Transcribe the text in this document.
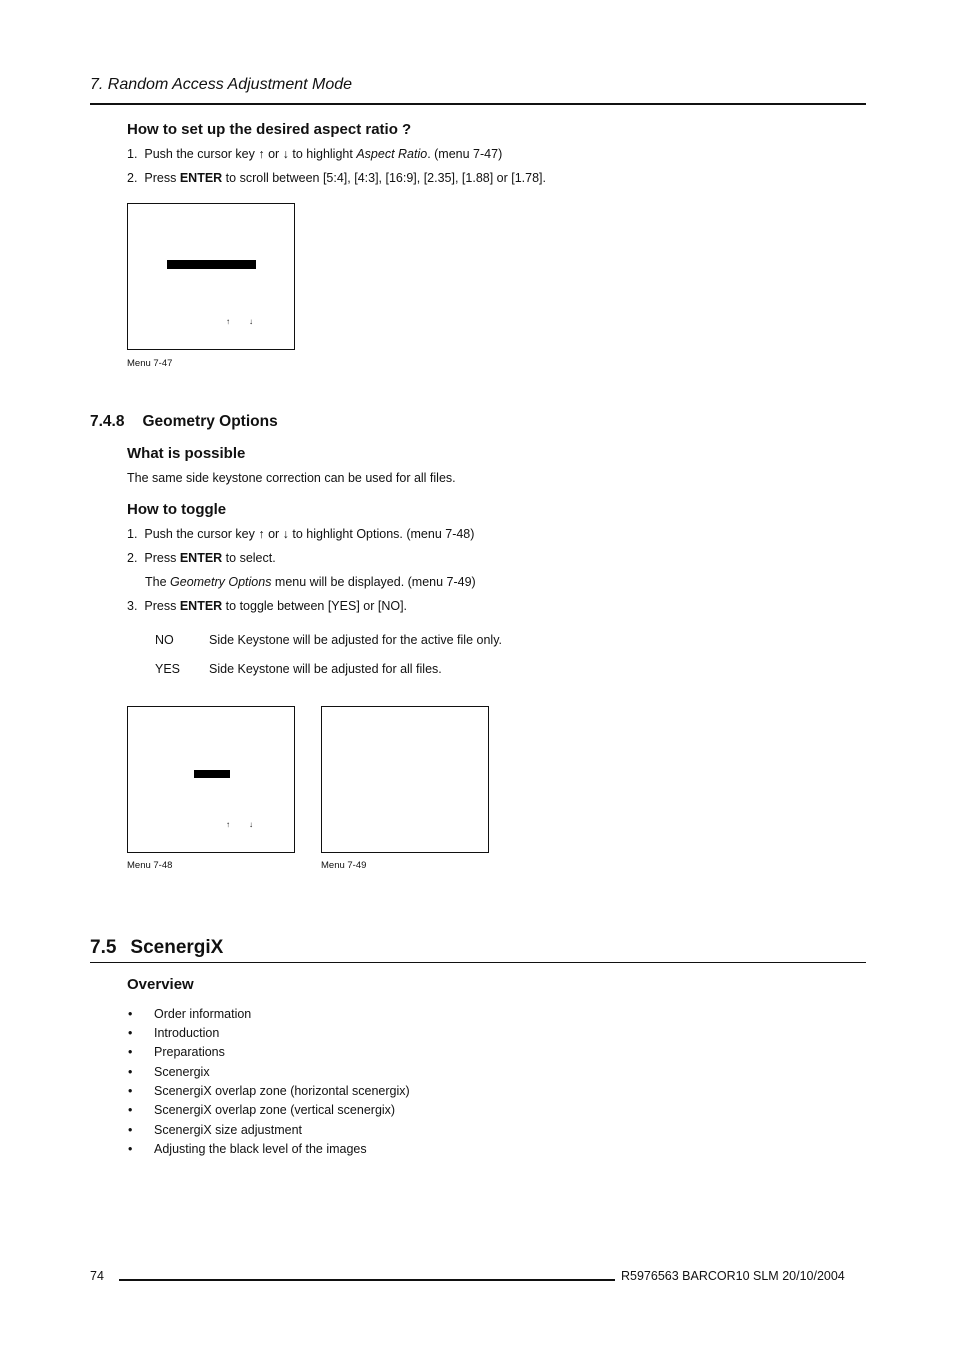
7. Random Access Adjustment Mode
How to set up the desired aspect ratio ?
1. Push the cursor key ↑ or ↓ to highlight Aspect Ratio. (menu 7-47)
2. Press ENTER to scroll between [5:4], [4:3], [16:9], [2.35], [1.88] or [1.78].
↑ ↓
Menu 7-47
7.4.8 Geometry Options
What is possible
The same side keystone correction can be used for all files.
How to toggle
1. Push the cursor key ↑ or ↓ to highlight Options. (menu 7-48)
2. Press ENTER to select.
The Geometry Options menu will be displayed. (menu 7-49)
3. Press ENTER to toggle between [YES] or [NO].
NO	Side Keystone will be adjusted for the active file only.
YES Side Keystone will be adjusted for all files.
↑ ↓
Menu 7-48	Menu 7-49
7.5 ScenergiX
Overview
• Order information
• Introduction
• Preparations
• Scenergix
• ScenergiX overlap zone (horizontal scenergix)
• ScenergiX overlap zone (vertical scenergix)
• ScenergiX size adjustment
• Adjusting the black level of the images
74	R5976563 BARCOR10 SLM 20/10/2004
